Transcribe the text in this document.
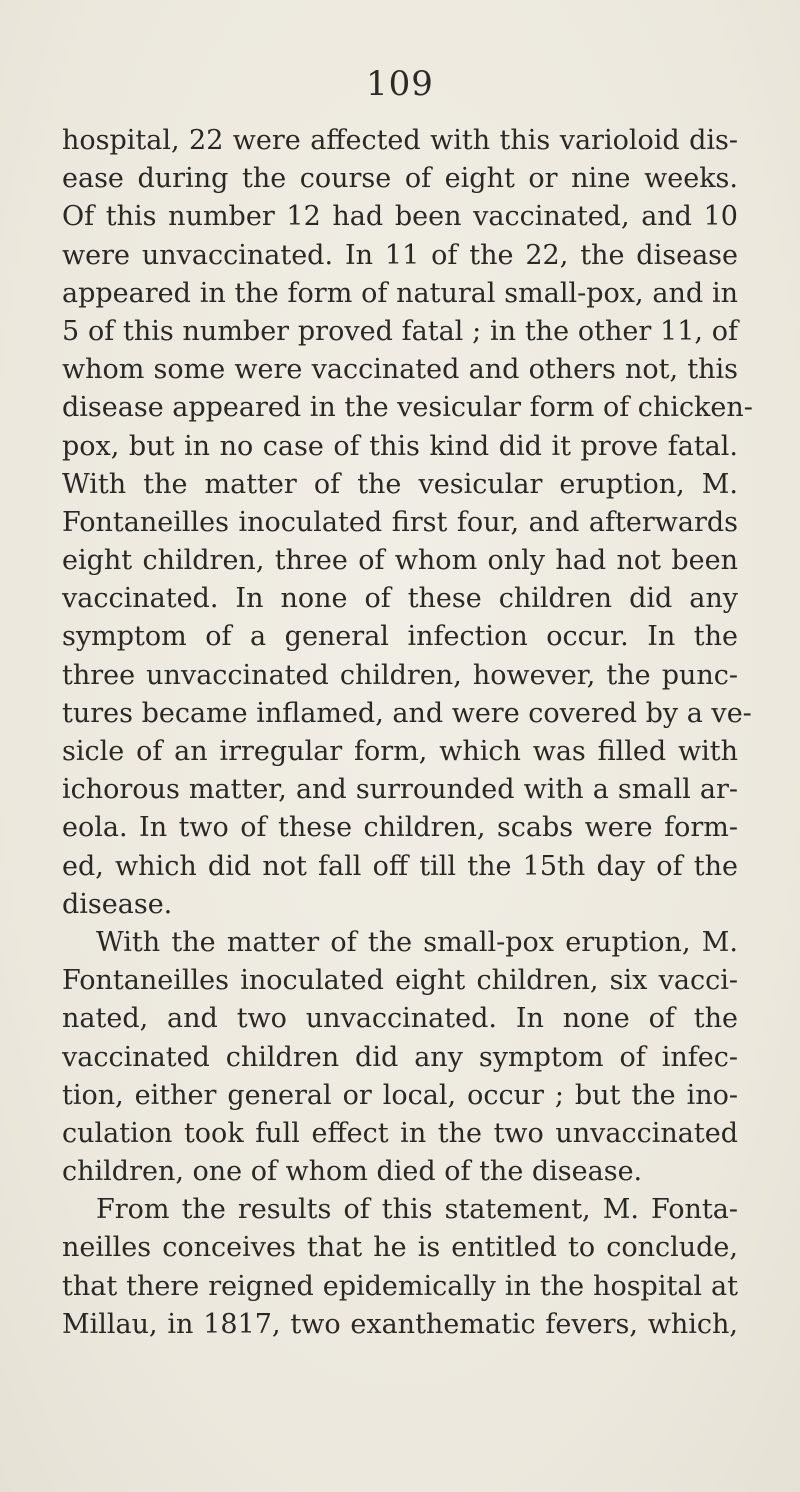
109
hospital, 22 were affected with this varioloid dis-
ease during the course of eight or nine weeks.
Of this number 12 had been vaccinated, and 10
were unvaccinated. In 11 of the 22, the disease
appeared in the form of natural small-pox, and in
5 of this number proved fatal ; in the other 11, of
whom some were vaccinated and others not, this
disease appeared in the vesicular form of chicken-
pox, but in no case of this kind did it prove fatal.
With the matter of the vesicular eruption, M.
Fontaneilles inoculated first four, and afterwards
eight children, three of whom only had not been
vaccinated. In none of these children did any
symptom of a general infection occur. In the
three unvaccinated children, however, the punc-
tures became inflamed, and were covered by a ve-
sicle of an irregular form, which was filled with
ichorous matter, and surrounded with a small ar-
eola. In two of these children, scabs were form-
ed, which did not fall off till the 15th day of the
disease.
With the matter of the small-pox eruption, M.
Fontaneilles inoculated eight children, six vacci-
nated, and two unvaccinated. In none of the
vaccinated children did any symptom of infec-
tion, either general or local, occur ; but the ino-
culation took full effect in the two unvaccinated
children, one of whom died of the disease.
From the results of this statement, M. Fonta-
neilles conceives that he is entitled to conclude,
that there reigned epidemically in the hospital at
Millau, in 1817, two exanthematic fevers, which,
